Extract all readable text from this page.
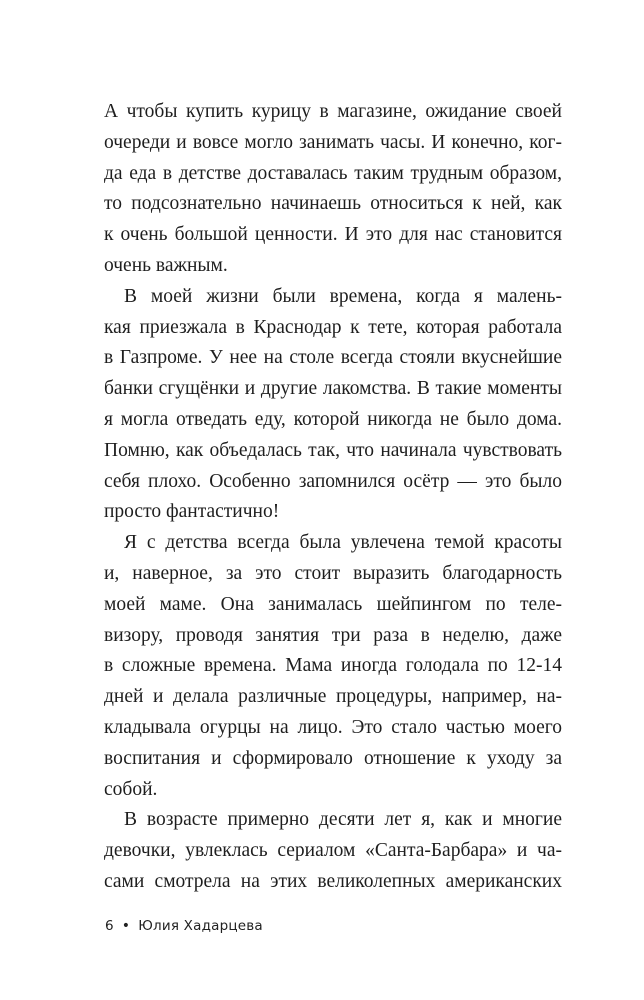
А чтобы купить курицу в магазине, ожидание своей
очереди и вовсе могло занимать часы. И конечно, ког-
да еда в детстве доставалась таким трудным образом,
то подсознательно начинаешь относиться к ней, как
к очень большой ценности. И это для нас становится
очень важным.
В моей жизни были времена, когда я малень-
кая приезжала в Краснодар к тете, которая работала
в Газпроме. У нее на столе всегда стояли вкуснейшие
банки сгущёнки и другие лакомства. В такие моменты
я могла отведать еду, которой никогда не было дома.
Помню, как объедалась так, что начинала чувствовать
себя плохо. Особенно запомнился осётр — это было
просто фантастично!
Я с детства всегда была увлечена темой красоты
и, наверное, за это стоит выразить благодарность
моей маме. Она занималась шейпингом по теле-
визору, проводя занятия три раза в неделю, даже
в сложные времена. Мама иногда голодала по 12-14
дней и делала различные процедуры, например, на-
кладывала огурцы на лицо. Это стало частью моего
воспитания и сформировало отношение к уходу за
собой.
В возрасте примерно десяти лет я, как и многие
девочки, увлеклась сериалом «Санта-Барбара» и ча-
сами смотрела на этих великолепных американских
6 • Юлия Хадарцева
